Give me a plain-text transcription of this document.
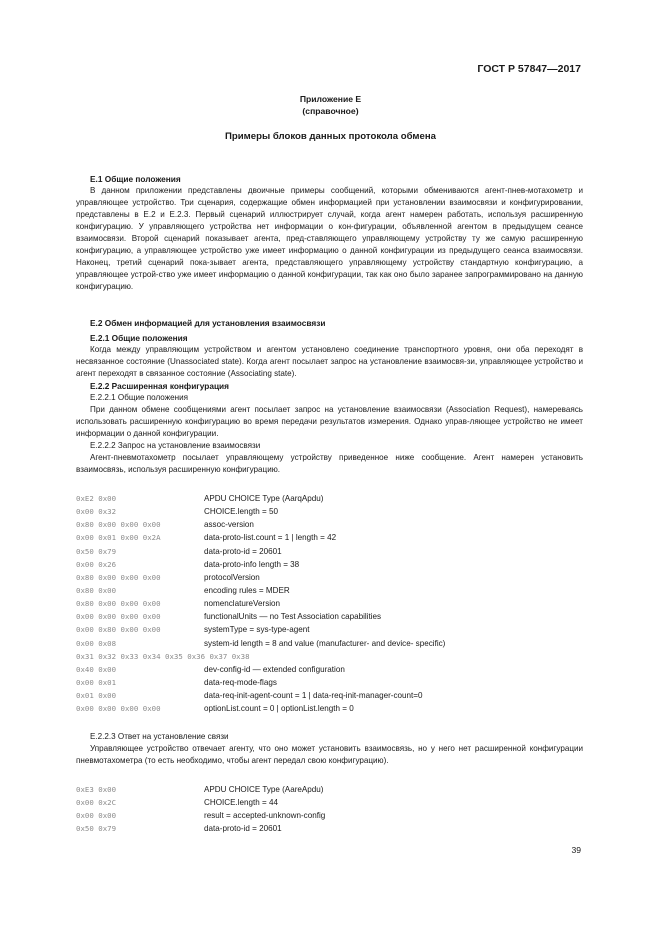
ГОСТ Р 57847—2017
Приложение Е
(справочное)
Примеры блоков данных протокола обмена
Е.1 Общие положения
В данном приложении представлены двоичные примеры сообщений, которыми обмениваются агент-пнев-мотахометр и управляющее устройство. Три сценария, содержащие обмен информацией при установлении взаимосвязи и конфигурировании, представлены в Е.2 и Е.2.3. Первый сценарий иллюстрирует случай, когда агент намерен работать, используя расширенную конфигурацию. У управляющего устройства нет информации о кон-фигурации, объявленной агентом в предыдущем сеансе взаимосвязи. Второй сценарий показывает агента, пред-ставляющего управляющему устройству ту же самую расширенную конфигурацию, а управляющее устройство уже имеет информацию о данной конфигурации из предыдущего сеанса взаимосвязи. Наконец, третий сценарий пока-зывает агента, представляющего управляющему устройству стандартную конфигурацию, а управляющее устрой-ство уже имеет информацию о данной конфигурации, так как оно было заранее запрограммировано на данную конфигурацию.
Е.2 Обмен информацией для установления взаимосвязи
Е.2.1 Общие положения
Когда между управляющим устройством и агентом установлено соединение транспортного уровня, они оба переходят в несвязанное состояние (Unassociated state). Когда агент посылает запрос на установление взаимосвя-зи, управляющее устройство и агент переходят в связанное состояние (Associating state).
Е.2.2 Расширенная конфигурация
Е.2.2.1 Общие положения
При данном обмене сообщениями агент посылает запрос на установление взаимосвязи (Association Request), намереваясь использовать расширенную конфигурацию во время передачи результатов измерения. Однако управ-ляющее устройство не имеет информации о данной конфигурации.
Е.2.2.2 Запрос на установление взаимосвязи
Агент-пневмотахометр посылает управляющему устройству приведенное ниже сообщение. Агент намерен установить взаимосвязь, используя расширенную конфигурацию.
0xE2 0x00	APDU CHOICE Type (AarqApdu)
0x00 0x32	CHOICE.length = 50
0x80 0x00 0x00 0x00	assoc-version
0x00 0x01 0x00 0x2A	data-proto-list.count = 1 | length = 42
0x50 0x79	data-proto-id = 20601
0x00 0x26	data-proto-info length = 38
0x80 0x00 0x00 0x00	protocolVersion
0x80 0x00	encoding rules = MDER
0x80 0x00 0x00 0x00	nomenclatureVersion
0x00 0x00 0x00 0x00	functionalUnits — no Test Association capabilities
0x00 0x80 0x00 0x00	systemType = sys-type-agent
0x00 0x08	system-id length = 8 and value (manufacturer- and device- specific)
0x31 0x32 0x33 0x34 0x35 0x36 0x37 0x38
0x40 0x00	dev-config-id — extended configuration
0x00 0x01	data-req-mode-flags
0x01 0x00	data-req-init-agent-count = 1 | data-req-init-manager-count=0
0x00 0x00 0x00 0x00	optionList.count = 0 | optionList.length = 0
Е.2.2.3 Ответ на установление связи
Управляющее устройство отвечает агенту, что оно может установить взаимосвязь, но у него нет расширенной конфигурации пневмотахометра (то есть необходимо, чтобы агент передал свою конфигурацию).
0xE3 0x00	APDU CHOICE Type (AareApdu)
0x00 0x2C	CHOICE.length = 44
0x00 0x00	result = accepted-unknown-config
0x50 0x79	data-proto-id = 20601
39
